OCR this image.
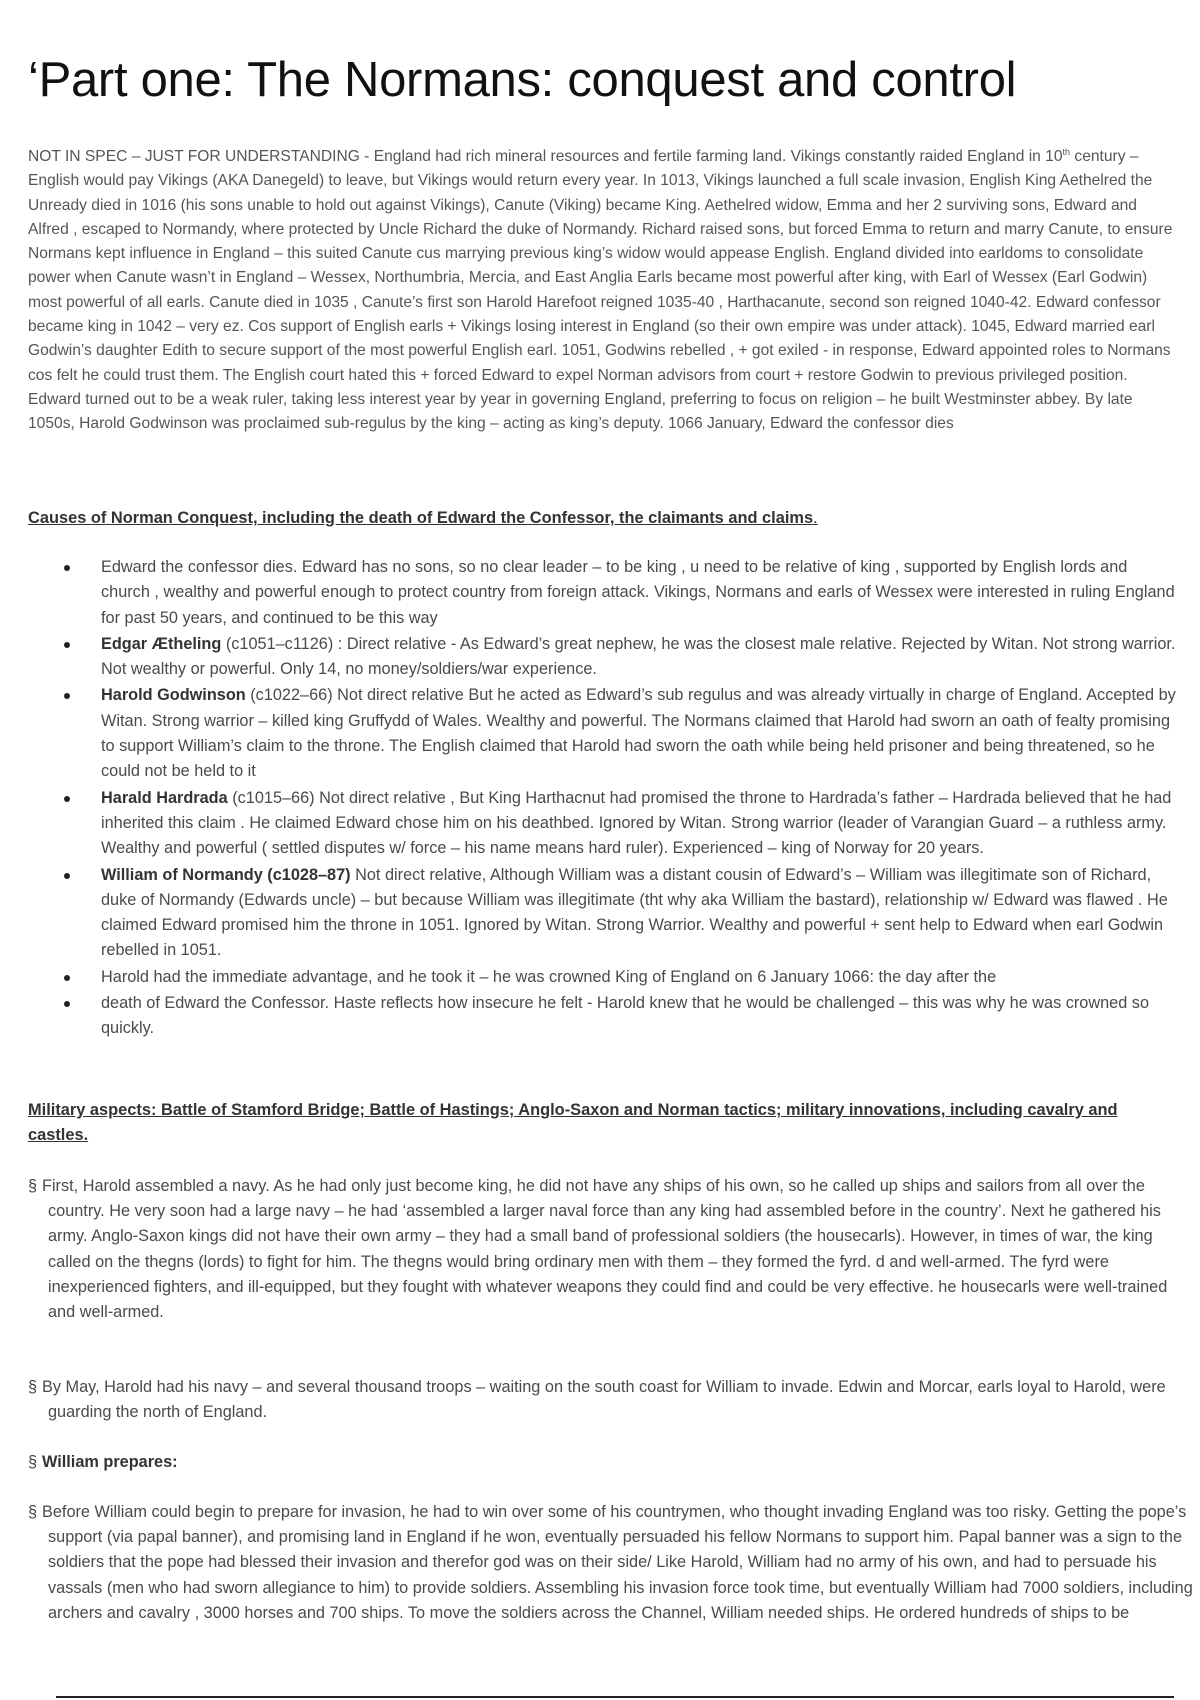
‘Part one: The Normans: conquest and control

NOT IN SPEC – JUST FOR UNDERSTANDING - England had rich mineral resources and fertile farming land. Vikings constantly raided England in 10th century – English would pay Vikings (AKA Danegeld) to leave, but Vikings would return every year. In 1013, Vikings launched a full scale invasion, English King Aethelred the Unready died in 1016 (his sons unable to hold out against Vikings), Canute (Viking) became King. Aethelred widow, Emma and her 2 surviving sons, Edward and Alfred , escaped to Normandy, where protected by Uncle Richard the duke of Normandy. Richard raised sons, but forced Emma to return and marry Canute, to ensure Normans kept influence in England – this suited Canute cus marrying previous king’s widow would appease English. England divided into earldoms to consolidate power when Canute wasn’t in England – Wessex, Northumbria, Mercia, and East Anglia Earls became most powerful after king, with Earl of Wessex (Earl Godwin) most powerful of all earls. Canute died in 1035 , Canute’s first son Harold Harefoot reigned 1035-40 , Harthacanute, second son reigned 1040-42. Edward confessor became king in 1042 – very ez. Cos support of English earls + Vikings losing interest in England (so their own empire was under attack). 1045, Edward married earl Godwin’s daughter Edith to secure support of the most powerful English earl. 1051, Godwins rebelled , + got exiled - in response, Edward appointed roles to Normans cos felt he could trust them. The English court hated this + forced Edward to expel Norman advisors from court + restore Godwin to previous privileged position. Edward turned out to be a weak ruler, taking less interest year by year in governing England, preferring to focus on religion – he built Westminster abbey. By late 1050s, Harold Godwinson was proclaimed sub-regulus by the king – acting as king’s deputy. 1066 January, Edward the confessor dies

Causes of Norman Conquest, including the death of Edward the Confessor, the claimants and claims.

Edward the confessor dies. Edward has no sons, so no clear leader – to be king , u need to be relative of king , supported by English lords and church , wealthy and powerful enough to protect country from foreign attack. Vikings, Normans and earls of Wessex were interested in ruling England for past 50 years, and continued to be this way
Edgar Ætheling (c1051–c1126) : Direct relative - As Edward’s great nephew, he was the closest male relative. Rejected by Witan. Not strong warrior. Not wealthy or powerful. Only 14, no money/soldiers/war experience.
Harold Godwinson (c1022–66) Not direct relative But he acted as Edward’s sub regulus and was already virtually in charge of England. Accepted by Witan. Strong warrior – killed king Gruffydd of Wales. Wealthy and powerful. The Normans claimed that Harold had sworn an oath of fealty promising to support William’s claim to the throne. The English claimed that Harold had sworn the oath while being held prisoner and being threatened, so he could not be held to it
Harald Hardrada (c1015–66) Not direct relative , But King Harthacnut had promised the throne to Hardrada’s father – Hardrada believed that he had inherited this claim . He claimed Edward chose him on his deathbed. Ignored by Witan. Strong warrior (leader of Varangian Guard – a ruthless army. Wealthy and powerful ( settled disputes w/ force – his name means hard ruler). Experienced – king of Norway for 20 years.
William of Normandy (c1028–87) Not direct relative, Although William was a distant cousin of Edward’s – William was illegitimate son of Richard, duke of Normandy (Edwards uncle) – but because William was illegitimate (tht why aka William the bastard), relationship w/ Edward was flawed . He claimed Edward promised him the throne in 1051. Ignored by Witan. Strong Warrior. Wealthy and powerful + sent help to Edward when earl Godwin rebelled in 1051.
Harold had the immediate advantage, and he took it – he was crowned King of England on 6 January 1066: the day after the
death of Edward the Confessor. Haste reflects how insecure he felt - Harold knew that he would be challenged – this was why he was crowned so quickly.

Military aspects: Battle of Stamford Bridge; Battle of Hastings; Anglo-Saxon and Norman tactics; military innovations, including cavalry and castles.

§ First, Harold assembled a navy. As he had only just become king, he did not have any ships of his own, so he called up ships and sailors from all over the country. He very soon had a large navy – he had ‘assembled a larger naval force than any king had assembled before in the country’. Next he gathered his army. Anglo-Saxon kings did not have their own army – they had a small band of professional soldiers (the housecarls). However, in times of war, the king called on the thegns (lords) to fight for him. The thegns would bring ordinary men with them – they formed the fyrd. d and well-armed. The fyrd were inexperienced fighters, and ill-equipped, but they fought with whatever weapons they could find and could be very effective. he housecarls were well-trained and well-armed.

§ By May, Harold had his navy – and several thousand troops – waiting on the south coast for William to invade. Edwin and Morcar, earls loyal to Harold, were guarding the north of England.

§ William prepares:

§ Before William could begin to prepare for invasion, he had to win over some of his countrymen, who thought invading England was too risky. Getting the pope’s support (via papal banner), and promising land in England if he won, eventually persuaded his fellow Normans to support him. Papal banner was a sign to the soldiers that the pope had blessed their invasion and therefor god was on their side/ Like Harold, William had no army of his own, and had to persuade his vassals (men who had sworn allegiance to him) to provide soldiers. Assembling his invasion force took time, but eventually William had 7000 soldiers, including archers and cavalry , 3000 horses and 700 ships. To move the soldiers across the Channel, William needed ships. He ordered hundreds of ships to be
